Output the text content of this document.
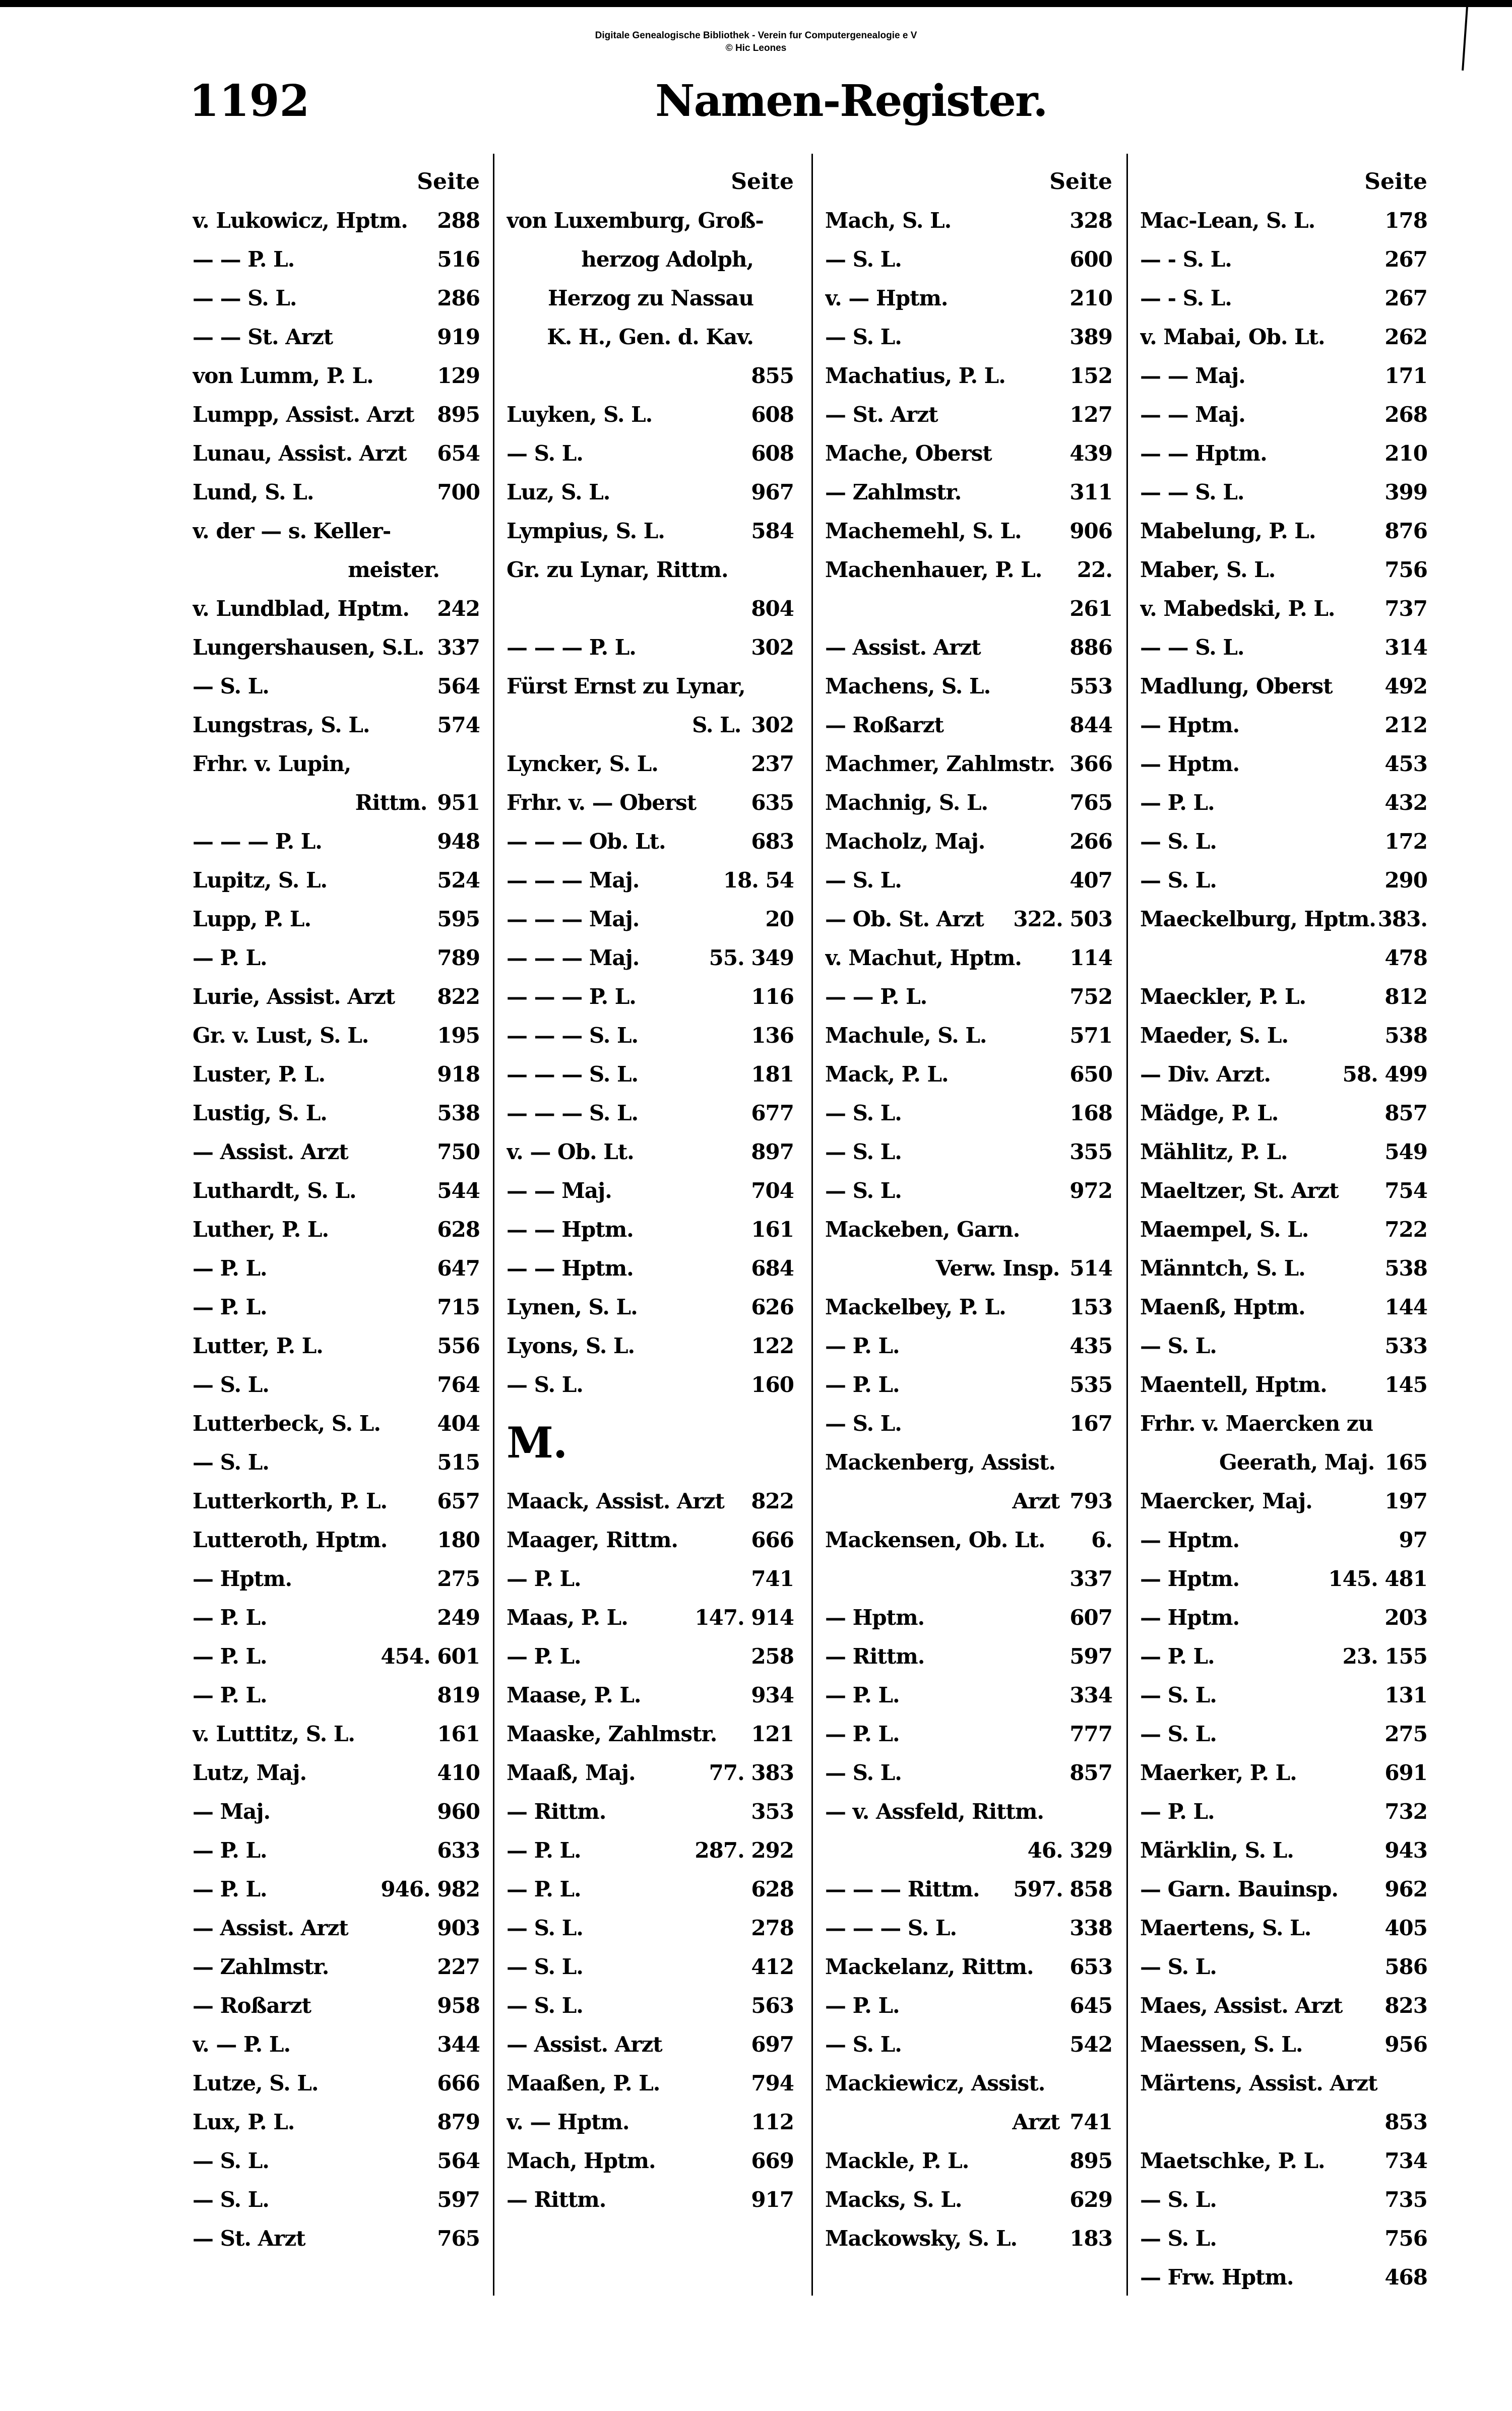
Digitale Genealogische Bibliothek - Verein fur Computergenealogie e V
© Hic Leones
1192	Namen-Register.
Seite
v. Lukowicz, Hptm.	288
— — P. L.	516
— — S. L.	286
— — St. Arzt	919
von Lumm, P. L.	129
Lumpp, Assist. Arzt	895
Lunau, Assist. Arzt	654
Lund, S. L.	700
v. der — s. Keller-
meister.
v. Lundblad, Hptm.	242
Lungershausen, S.L. 337
— S. L.	564
Lungstras, S. L.	574
Frhr. v. Lupin,
Rittm. 951
— — — P. L.	948
Lupitz, S. L.	524
Lupp, P. L.	595
— P. L.	789
Lurie, Assist. Arzt	822
Gr. v. Lust, S. L.	195
Luster, P. L.	918
Lustig, S. L.	538
— Assist. Arzt	750
Luthardt, S. L.	544
Luther, P. L.	628
— P. L.	647
— P. L.	715
Lutter, P. L.	556
— S. L.	764
Lutterbeck, S. L.	404
— S. L.	515
Lutterkorth, P. L.	657
Lutteroth, Hptm.	180
— Hptm.	275
— P. L.	249
— P. L.	454. 601
— P. L.	819
v. Luttitz, S. L.	161
Lutz, Maj.	410
— Maj.	960
— P. L.	633
— P. L.	946. 982
— Assist. Arzt	903
— Zahlmstr.	227
— Roßarzt	958
v. — P. L.	344
Lutze, S. L.	666
Lux, P. L.	879
— S. L.	564
— S. L.	597
— St. Arzt	765
Seite
von Luxemburg, Groß-
herzog Adolph,
Herzog zu Nassau
K. H., Gen. d. Kav.
855
Luyken, S. L.	608
— S. L.	608
Luz, S. L.	967
Lympius, S. L.	584
Gr. zu Lynar, Rittm.
804
— — — P. L.	302
Fürst Ernst zu Lynar,
S. L. 302
Lyncker, S. L.	237
Frhr. v. — Oberst	635
— — — Ob. Lt.	683
— — — Maj.	18. 54
— — — Maj.	20
— — — Maj.	55. 349
— — — P. L.	116
— — — S. L.	136
— — — S. L.	181
— — — S. L.	677
v. — Ob. Lt.	897
— — Maj.	704
— — Hptm.	161
— — Hptm.	684
Lynen, S. L.	626
Lyons, S. L.	122
— S. L.	160
M.
Maack, Assist. Arzt	822
Maager, Rittm.	666
— P. L.	741
Maas, P. L.	147. 914
— P. L.	258
Maase, P. L.	934
Maaske, Zahlmstr.	121
Maaß, Maj.	77. 383
— Rittm.	353
— P. L.	287. 292
— P. L.	628
— S. L.	278
— S. L.	412
— S. L.	563
— Assist. Arzt	697
Maaßen, P. L.	794
v. — Hptm.	112
Mach, Hptm.	669
— Rittm.	917
Seite
Mach, S. L.	328
— S. L.	600
v. — Hptm.	210
— S. L.	389
Machatius, P. L.	152
— St. Arzt	127
Mache, Oberst	439
— Zahlmstr.	311
Machemehl, S. L.	906
Machenhauer, P. L.	22.
261
— Assist. Arzt	886
Machens, S. L.	553
— Roßarzt	844
Machmer, Zahlmstr. 366
Machnig, S. L.	765
Macholz, Maj.	266
— S. L.	407
— Ob. St. Arzt	322. 503
v. Machut, Hptm.	114
— — P. L.	752
Machule, S. L.	571
Mack, P. L.	650
— S. L.	168
— S. L.	355
— S. L.	972
Mackeben, Garn.
Verw. Insp. 514
Mackelbey, P. L.	153
— P. L.	435
— P. L.	535
— S. L.	167
Mackenberg, Assist.
Arzt 793
Mackensen, Ob. Lt.	6.
337
— Hptm.	607
— Rittm.	597
— P. L.	334
— P. L.	777
— S. L.	857
— v. Assfeld, Rittm.
46. 329
— — — Rittm.	597. 858
— — — S. L.	338
Mackelanz, Rittm.	653
— P. L.	645
— S. L.	542
Mackiewicz, Assist.
Arzt 741
Mackle, P. L.	895
Macks, S. L.	629
Mackowsky, S. L.	183
Seite
Mac-Lean, S. L.	178
— - S. L.	267
— - S. L.	267
v. Mabai, Ob. Lt.	262
— — Maj.	171
— — Maj.	268
— — Hptm.	210
— — S. L.	399
Mabelung, P. L.	876
Maber, S. L.	756
v. Mabedski, P. L.	737
— — S. L.	314
Madlung, Oberst	492
— Hptm.	212
— Hptm.	453
— P. L.	432
— S. L.	172
— S. L.	290
Maeckelburg, Hptm. 383.
478
Maeckler, P. L.	812
Maeder, S. L.	538
— Div. Arzt.	58. 499
Mädge, P. L.	857
Mählitz, P. L.	549
Maeltzer, St. Arzt	754
Maempel, S. L.	722
Männtch, S. L.	538
Maenß, Hptm.	144
— S. L.	533
Maentell, Hptm.	145
Frhr. v. Maercken zu
Geerath, Maj. 165
Maercker, Maj.	197
— Hptm.	97
— Hptm.	145. 481
— Hptm.	203
— P. L.	23. 155
— S. L.	131
— S. L.	275
Maerker, P. L.	691
— P. L.	732
Märklin, S. L.	943
— Garn. Bauinsp.	962
Maertens, S. L.	405
— S. L.	586
Maes, Assist. Arzt	823
Maessen, S. L.	956
Märtens, Assist. Arzt
853
Maetschke, P. L.	734
— S. L.	735
— S. L.	756
— Frw. Hptm.	468
